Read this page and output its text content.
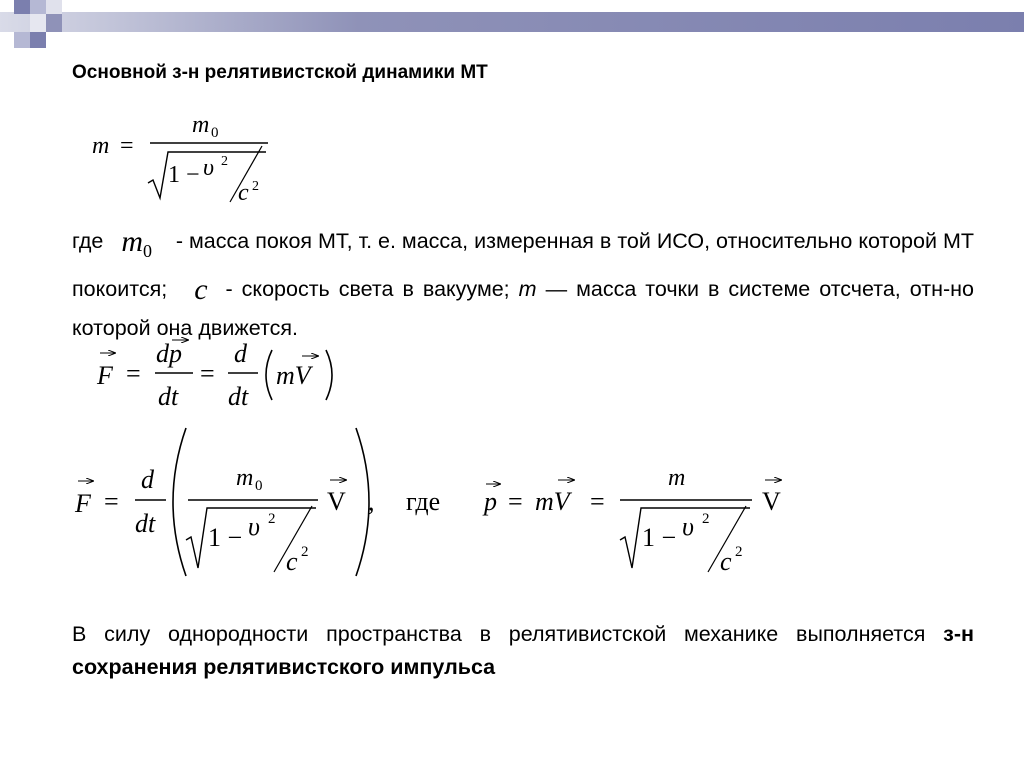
Основной з-н релятивистской динамики МТ
m =
m 0
1 − υ 2
c 2
где $m_0$    - масса покоя МТ, т. е. масса, измеренная в той ИСО, относительно которой МТ покоится; c  - скорость света в вакууме; m — масса точки в системе отсчета, отн-но которой она движется.
F =
dp
dt
=
d
dt
mV
F =
d
dt
m 0
1 − υ 2
c 2
V , где p = mV =
m
1 − υ 2
c 2
V
В силу однородности пространства в релятивистской механике выполняется з-н сохранения релятивистского импульса
